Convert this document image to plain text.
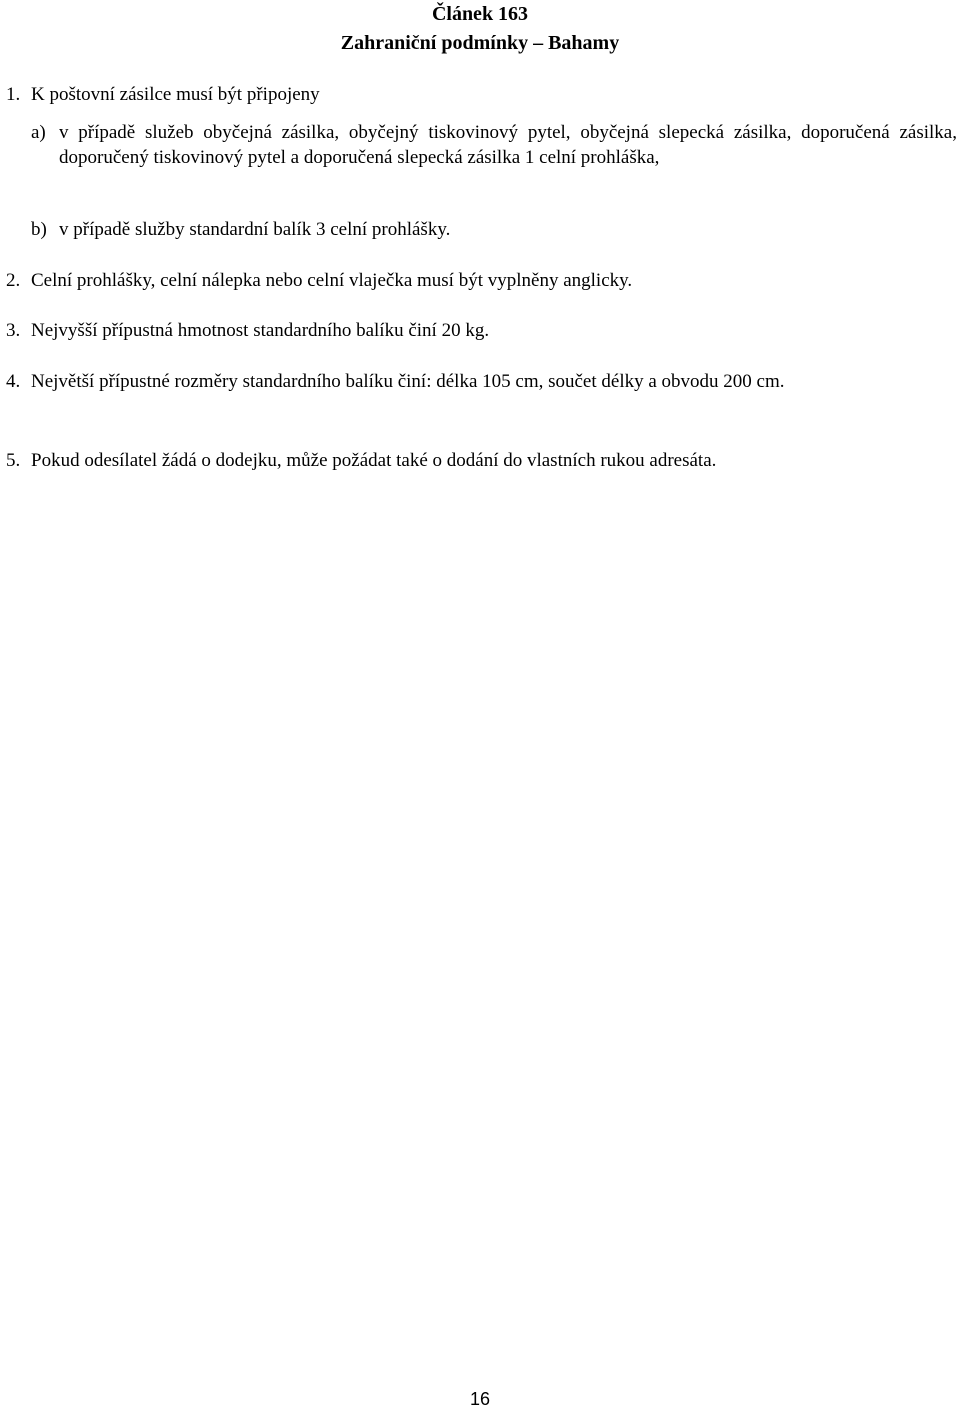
Článek 163
Zahraniční podmínky – Bahamy
1. K poštovní zásilce musí být připojeny
a) v případě služeb obyčejná zásilka, obyčejný tiskovinový pytel, obyčejná slepecká zásilka, doporučená zásilka, doporučený tiskovinový pytel a doporučená slepecká zásilka 1 celní prohláška,
b) v případě služby standardní balík 3 celní prohlášky.
2. Celní prohlášky, celní nálepka nebo celní vlaječka musí být vyplněny anglicky.
3. Nejvyšší přípustná hmotnost standardního balíku činí 20 kg.
4. Největší přípustné rozměry standardního balíku činí: délka 105 cm, součet délky a obvodu 200 cm.
5. Pokud odesílatel žádá o dodejku, může požádat také o dodání do vlastních rukou adresáta.
16
